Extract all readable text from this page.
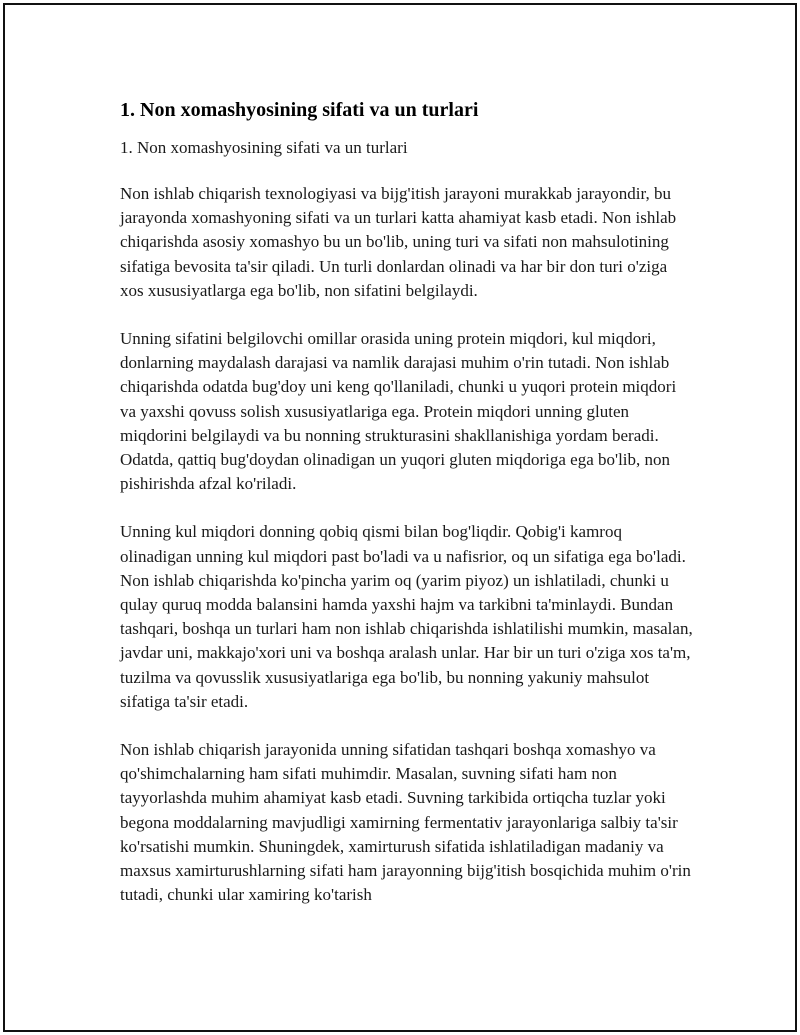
1. Non xomashyosining sifati va un turlari

1. Non xomashyosining sifati va un turlari

Non ishlab chiqarish texnologiyasi va bijg'itish jarayoni murakkab jarayondir, bu jarayonda xomashyoning sifati va un turlari katta ahamiyat kasb etadi. Non ishlab chiqarishda asosiy xomashyo bu un bo'lib, uning turi va sifati non mahsulotining sifatiga bevosita ta'sir qiladi. Un turli donlardan olinadi va har bir don turi o'ziga xos xususiyatlarga ega bo'lib, non sifatini belgilaydi.

Unning sifatini belgilovchi omillar orasida uning protein miqdori, kul miqdori, donlarning maydalash darajasi va namlik darajasi muhim o'rin tutadi. Non ishlab chiqarishda odatda bug'doy uni keng qo'llaniladi, chunki u yuqori protein miqdori va yaxshi qovuss solish xususiyatlariga ega. Protein miqdori unning gluten miqdorini belgilaydi va bu nonning strukturasini shakllanishiga yordam beradi. Odatda, qattiq bug'doydan olinadigan un yuqori gluten miqdoriga ega bo'lib, non pishirishda afzal ko'riladi.

Unning kul miqdori donning qobiq qismi bilan bog'liqdir. Qobig'i kamroq olinadigan unning kul miqdori past bo'ladi va u nafisrior, oq un sifatiga ega bo'ladi. Non ishlab chiqarishda ko'pincha yarim oq (yarim piyoz) un ishlatiladi, chunki u qulay quruq modda balansini hamda yaxshi hajm va tarkibni ta'minlaydi. Bundan tashqari, boshqa un turlari ham non ishlab chiqarishda ishlatilishi mumkin, masalan, javdar uni, makkajo'xori uni va boshqa aralash unlar. Har bir un turi o'ziga xos ta'm, tuzilma va qovusslik xususiyatlariga ega bo'lib, bu nonning yakuniy mahsulot sifatiga ta'sir etadi.

Non ishlab chiqarish jarayonida unning sifatidan tashqari boshqa xomashyo va qo'shimchalarning ham sifati muhimdir. Masalan, suvning sifati ham non tayyorlashda muhim ahamiyat kasb etadi. Suvning tarkibida ortiqcha tuzlar yoki begona moddalarning mavjudligi xamirning fermentativ jarayonlariga salbiy ta'sir ko'rsatishi mumkin. Shuningdek, xamirturush sifatida ishlatiladigan madaniy va maxsus xamirturushlarning sifati ham jarayonning bijg'itish bosqichida muhim o'rin tutadi, chunki ular xamiring ko'tarish
